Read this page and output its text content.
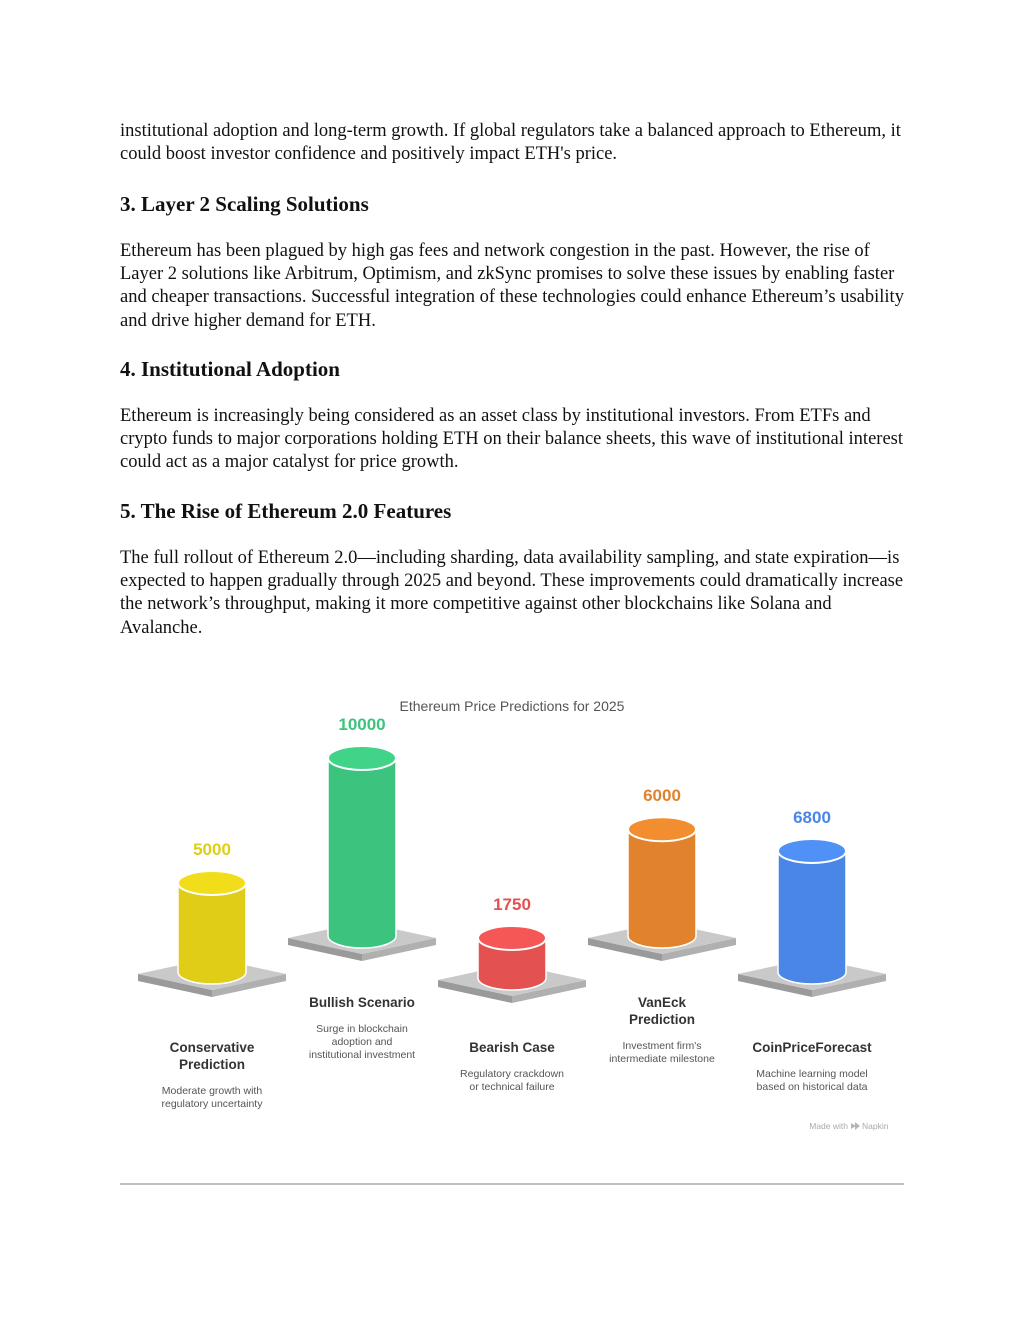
institutional adoption and long-term growth. If global regulators take a balanced approach to Ethereum, it could boost investor confidence and positively impact ETH's price.

3. Layer 2 Scaling Solutions

Ethereum has been plagued by high gas fees and network congestion in the past. However, the rise of Layer 2 solutions like Arbitrum, Optimism, and zkSync promises to solve these issues by enabling faster and cheaper transactions. Successful integration of these technologies could enhance Ethereum’s usability and drive higher demand for ETH.

4. Institutional Adoption

Ethereum is increasingly being considered as an asset class by institutional investors. From ETFs and crypto funds to major corporations holding ETH on their balance sheets, this wave of institutional interest could act as a major catalyst for price growth.

5. The Rise of Ethereum 2.0 Features

The full rollout of Ethereum 2.0—including sharding, data availability sampling, and state expiration—is expected to happen gradually through 2025 and beyond. These improvements could dramatically increase the network’s throughput, making it more competitive against other blockchains like Solana and Avalanche.

Ethereum Price Predictions for 2025
5000
Conservative
Prediction
Moderate growth with
regulatory uncertainty
10000
Bullish Scenario
Surge in blockchain
adoption and
institutional investment
1750
Bearish Case
Regulatory crackdown
or technical failure
6000
VanEck
Prediction
Investment firm's
intermediate milestone
6800
CoinPriceForecast
Machine learning model
based on historical data
Made with Napkin
